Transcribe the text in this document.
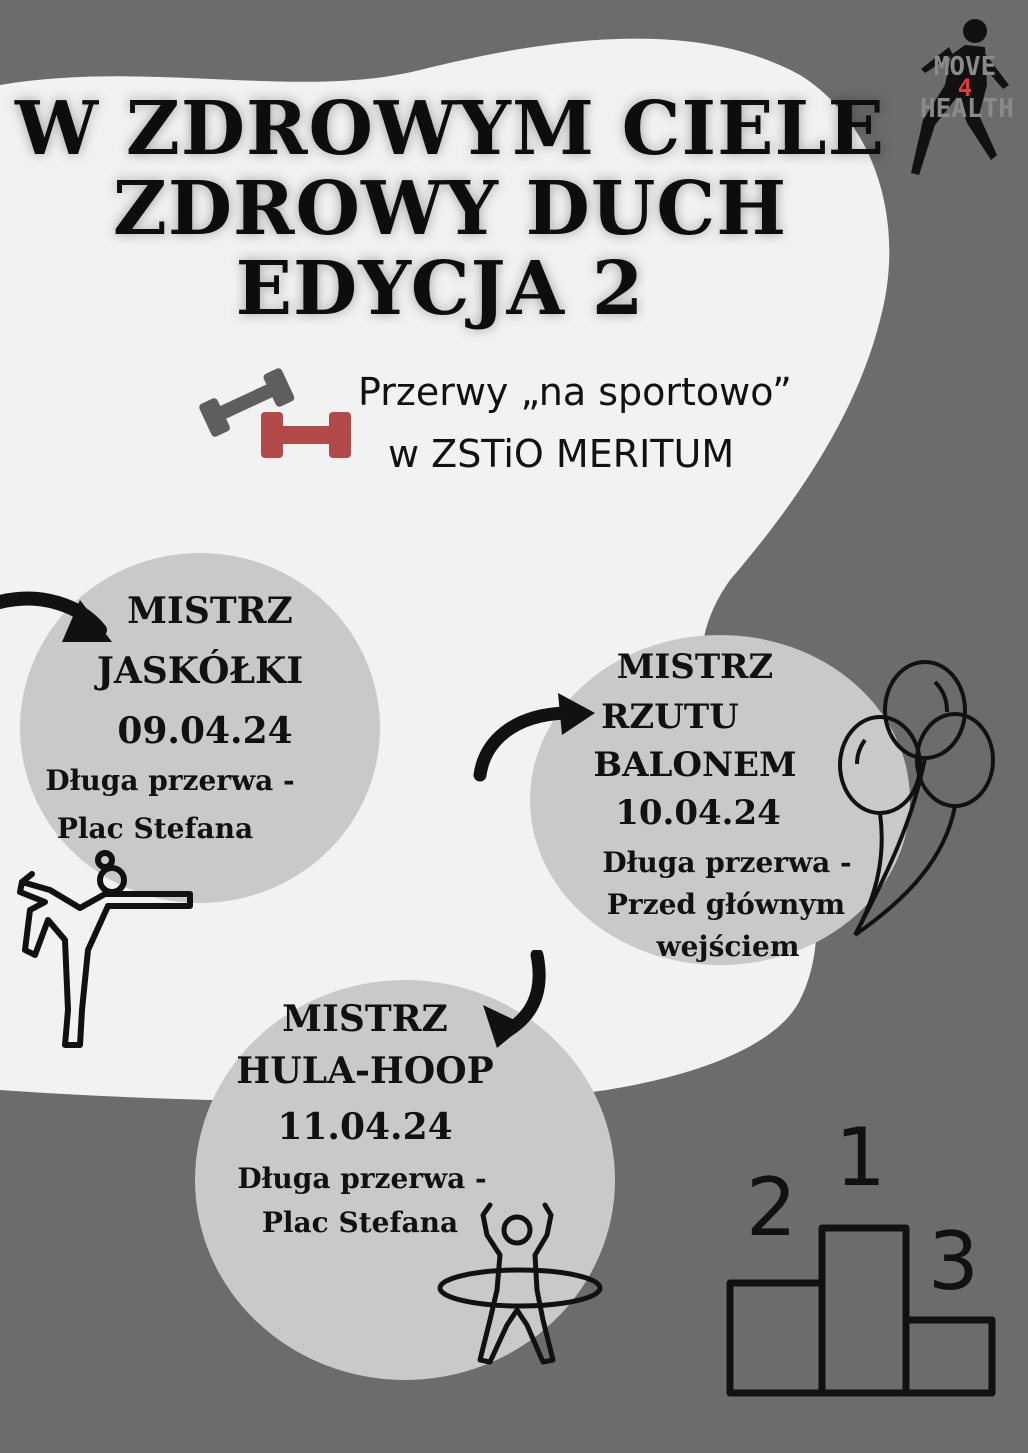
MOVE
4
HEALTH
W ZDROWYM CIELE
ZDROWY DUCH
EDYCJA 2
Przerwy „na sportowo”
w ZSTiO MERITUM
MISTRZ
JASKÓŁKI
09.04.24
Długa przerwa -
Plac Stefana
MISTRZ
RZUTU
BALONEM
10.04.24
Długa przerwa -
Przed głównym
wejściem
MISTRZ
HULA-HOOP
11.04.24
Długa przerwa -
Plac Stefana	2
1
3
